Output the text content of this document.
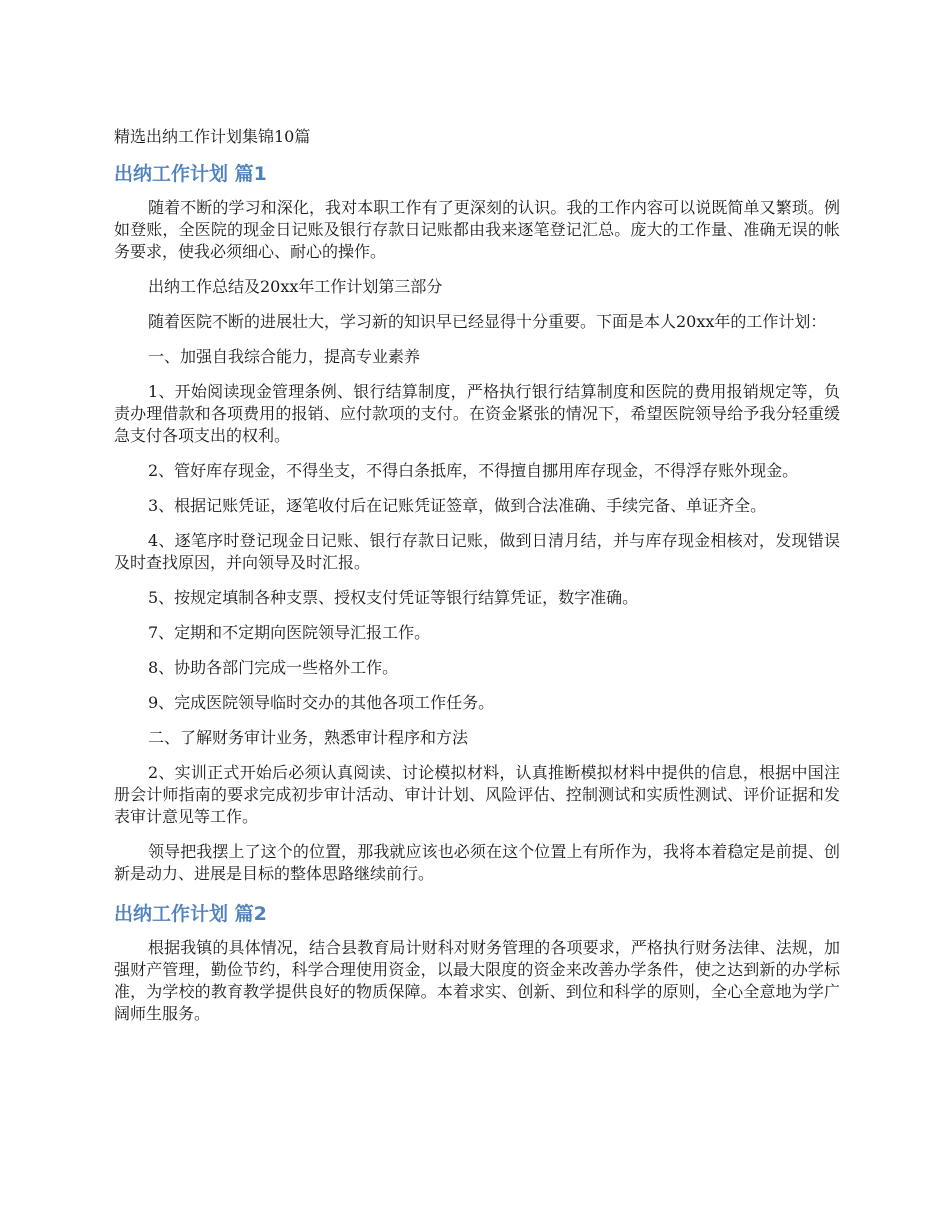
精选出纳工作计划集锦10篇
出纳工作计划 篇1

随着不断的学习和深化，我对本职工作有了更深刻的认识。我的工作内容可以说既简单又繁琐。例如登账，全医院的现金日记账及银行存款日记账都由我来逐笔登记汇总。庞大的工作量、准确无误的帐务要求，使我必须细心、耐心的操作。

出纳工作总结及20xx年工作计划第三部分

随着医院不断的进展壮大，学习新的知识早已经显得十分重要。下面是本人20xx年的工作计划：

一、加强自我综合能力，提高专业素养

1、开始阅读现金管理条例、银行结算制度，严格执行银行结算制度和医院的费用报销规定等，负责办理借款和各项费用的报销、应付款项的支付。在资金紧张的情况下，希望医院领导给予我分轻重缓急支付各项支出的权利。

2、管好库存现金，不得坐支，不得白条抵库，不得擅自挪用库存现金，不得浮存账外现金。

3、根据记账凭证，逐笔收付后在记账凭证签章，做到合法准确、手续完备、单证齐全。

4、逐笔序时登记现金日记账、银行存款日记账，做到日清月结，并与库存现金相核对，发现错误及时查找原因，并向领导及时汇报。

5、按规定填制各种支票、授权支付凭证等银行结算凭证，数字准确。

7、定期和不定期向医院领导汇报工作。

8、协助各部门完成一些格外工作。

9、完成医院领导临时交办的其他各项工作任务。

二、了解财务审计业务，熟悉审计程序和方法

2、实训正式开始后必须认真阅读、讨论模拟材料，认真推断模拟材料中提供的信息，根据中国注册会计师指南的要求完成初步审计活动、审计计划、风险评估、控制测试和实质性测试、评价证据和发表审计意见等工作。

领导把我摆上了这个的位置，那我就应该也必须在这个位置上有所作为，我将本着稳定是前提、创新是动力、进展是目标的整体思路继续前行。

出纳工作计划 篇2

根据我镇的具体情况，结合县教育局计财科对财务管理的各项要求，严格执行财务法律、法规，加强财产管理，勤俭节约，科学合理使用资金，以最大限度的资金来改善办学条件，使之达到新的办学标准，为学校的教育教学提供良好的物质保障。本着求实、创新、到位和科学的原则，全心全意地为学广阔师生服务。
